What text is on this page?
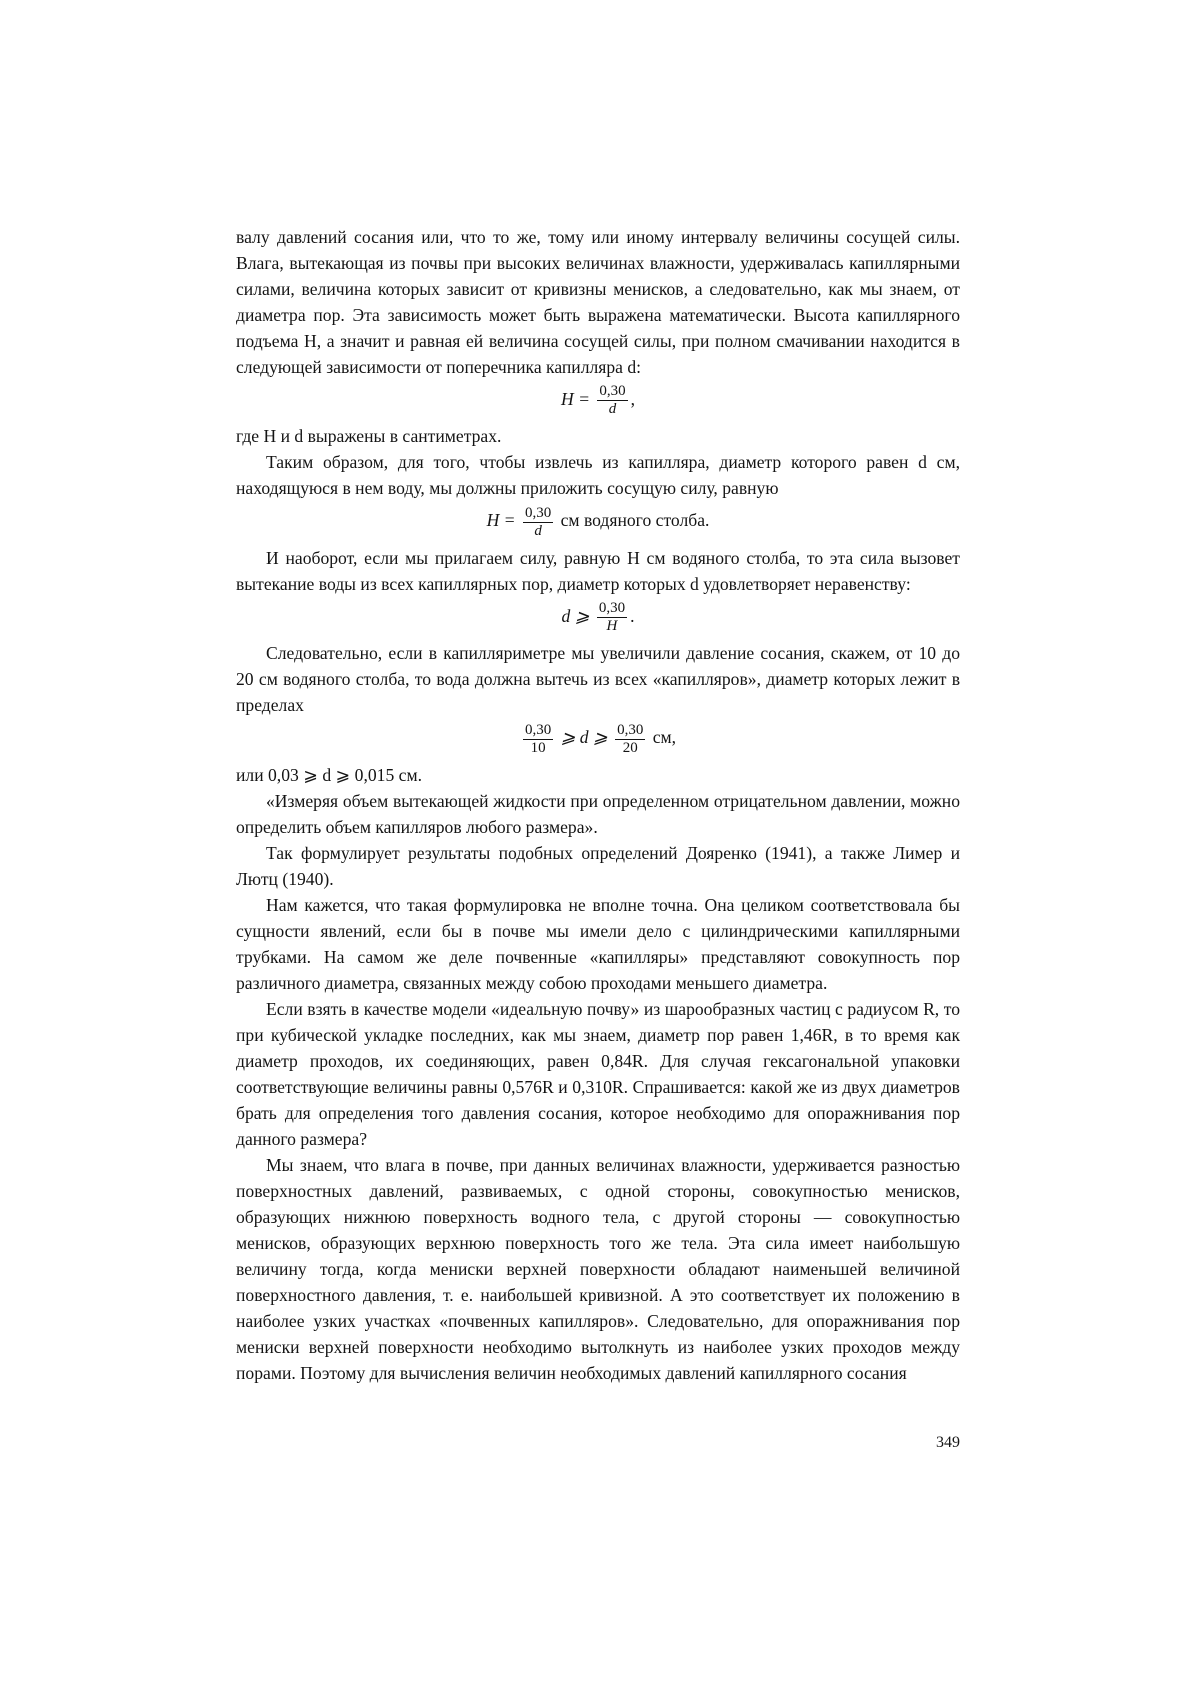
валу давлений сосания или, что то же, тому или иному интервалу величины сосущей силы. Влага, вытекающая из почвы при высоких величинах влажности, удерживалась капиллярными силами, величина которых зависит от кривизны менисков, а следовательно, как мы знаем, от диаметра пор. Эта зависимость может быть выражена математически. Высота капиллярного подъема H, а значит и равная ей величина сосущей силы, при полном смачивании находится в следующей зависимости от поперечника капилляра d:

$H = \frac{0,30}{d}$ ,

где H и d выражены в сантиметрах.

Таким образом, для того, чтобы извлечь из капилляра, диаметр которого равен d см, находящуюся в нем воду, мы должны приложить сосущую силу, равную

$H = \frac{0,30}{d}$ см водяного столба.

И наоборот, если мы прилагаем силу, равную H см водяного столба, то эта сила вызовет вытекание воды из всех капиллярных пор, диаметр которых d удовлетворяет неравенству:

d ⩾ $\frac{0,30}{H}$ .

Следовательно, если в капилляриметре мы увеличили давление сосания, скажем, от 10 до 20 см водяного столба, то вода должна вытечь из всех «капилляров», диаметр которых лежит в пределах

$\frac{0,30}{10}$ ⩾ d ⩾ $\frac{0,30}{20}$ см,

или 0,03 ⩾ d ⩾ 0,015 см.

«Измеряя объем вытекающей жидкости при определенном отрицательном давлении, можно определить объем капилляров любого размера».

Так формулирует результаты подобных определений Доярeнко (1941), а также Лимер и Лютц (1940).

Нам кажется, что такая формулировка не вполне точна. Она целиком соответствовала бы сущности явлений, если бы в почве мы имели дело с цилиндрическими капиллярными трубками. На самом же деле почвенные «капилляры» представляют совокупность пор различного диаметра, связанных между собою проходами меньшего диаметра.

Если взять в качестве модели «идеальную почву» из шарообразных частиц с радиусом R, то при кубической укладке последних, как мы знаем, диаметр пор равен 1,46R, в то время как диаметр проходов, их соединяющих, равен 0,84R. Для случая гексагональной упаковки соответствующие величины равны 0,576R и 0,310R. Спрашивается: какой же из двух диаметров брать для определения того давления сосания, которое необходимо для опоражнивания пор данного размера?

Мы знаем, что влага в почве, при данных величинах влажности, удерживается разностью поверхностных давлений, развиваемых, с одной стороны, совокупностью менисков, образующих нижнюю поверхность водного тела, с другой стороны — совокупностью менисков, образующих верхнюю поверхность того же тела. Эта сила имеет наибольшую величину тогда, когда мениски верхней поверхности обладают наименьшей величиной поверхностного давления, т. е. наибольшей кривизной. А это соответствует их положению в наиболее узких участках «почвенных капилляров». Следовательно, для опоражнивания пор мениски верхней поверхности необходимо вытолкнуть из наиболее узких проходов между порами. Поэтому для вычисления величин необходимых давлений капиллярного сосания

349
